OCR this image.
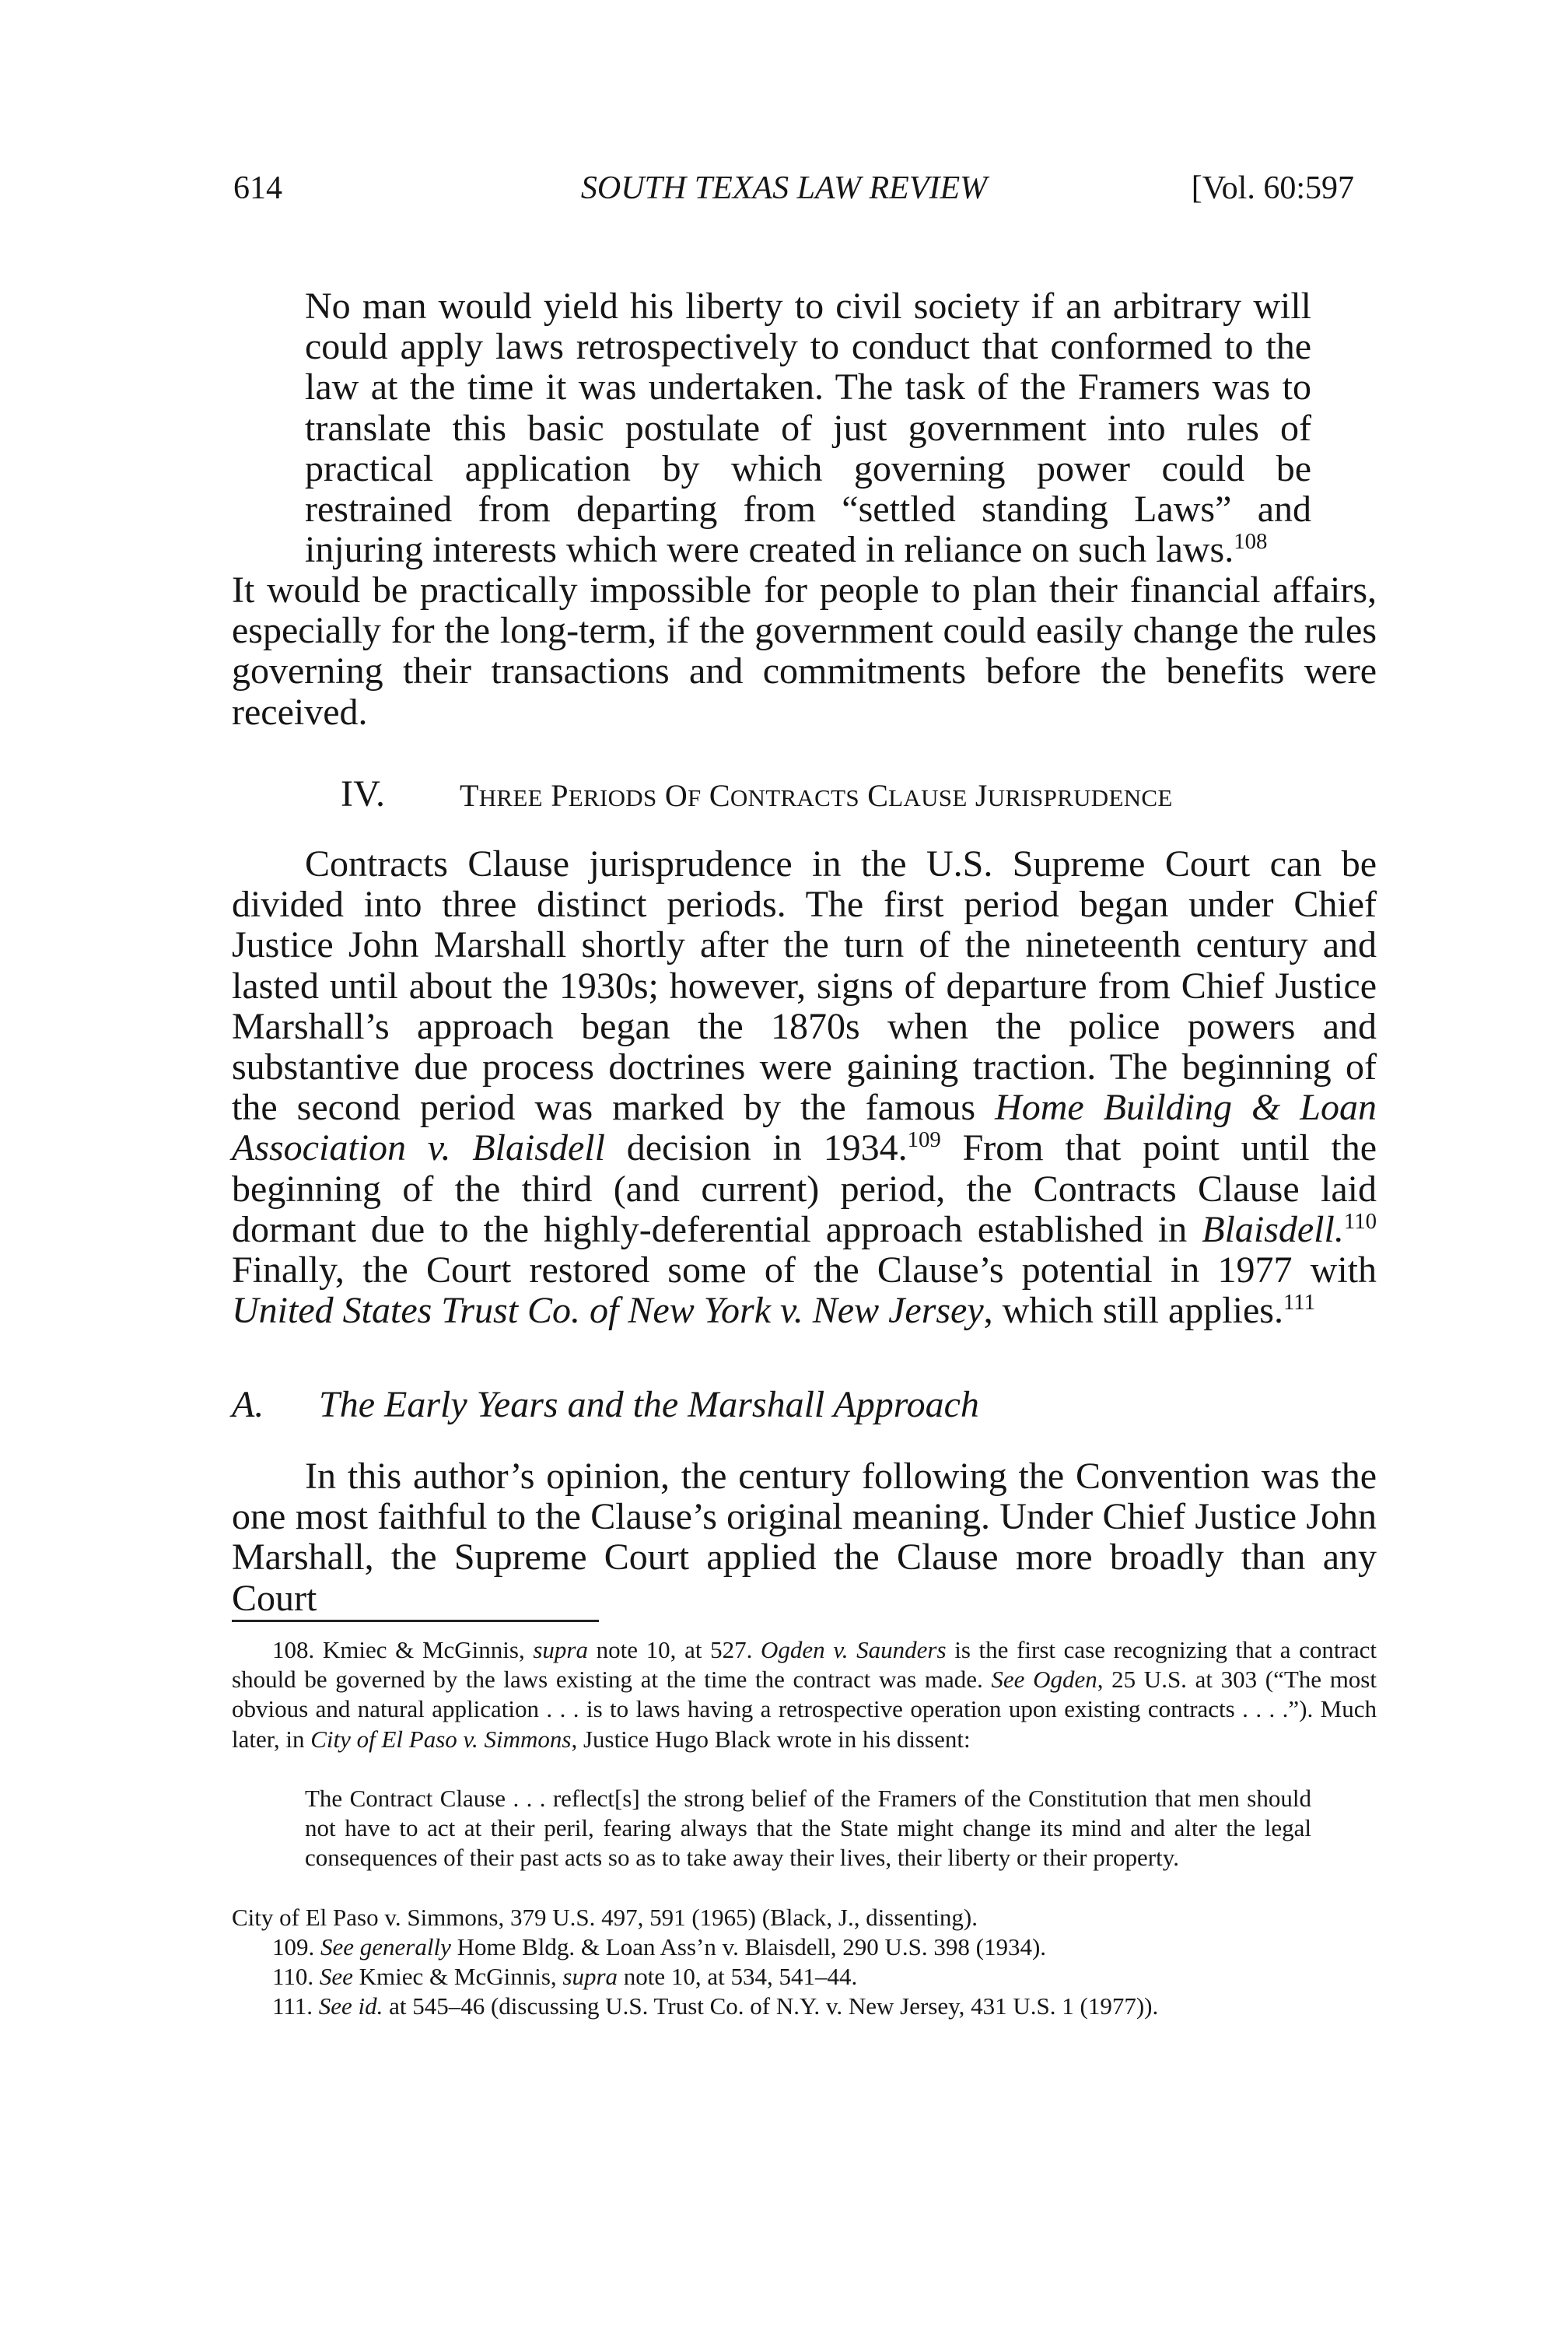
614	SOUTH TEXAS LAW REVIEW	[Vol. 60:597

No man would yield his liberty to civil society if an arbitrary will could apply laws retrospectively to conduct that conformed to the law at the time it was undertaken. The task of the Framers was to translate this basic postulate of just government into rules of practical application by which governing power could be restrained from departing from “settled standing Laws” and injuring interests which were created in reliance on such laws.$^{108}$

It would be practically impossible for people to plan their financial affairs, especially for the long-term, if the government could easily change the rules governing their transactions and commitments before the benefits were received.

IV. THREE PERIODS OF CONTRACTS CLAUSE JURISPRUDENCE

Contracts Clause jurisprudence in the U.S. Supreme Court can be divided into three distinct periods. The first period began under Chief Justice John Marshall shortly after the turn of the nineteenth century and lasted until about the 1930s; however, signs of departure from Chief Justice Marshall’s approach began the 1870s when the police powers and substantive due process doctrines were gaining traction. The beginning of the second period was marked by the famous Home Building & Loan Association v. Blaisdell decision in 1934.$^{109}$ From that point until the beginning of the third (and current) period, the Contracts Clause laid dormant due to the highly-deferential approach established in Blaisdell.$^{110}$ Finally, the Court restored some of the Clause’s potential in 1977 with United States Trust Co. of New York v. New Jersey, which still applies.$^{111}$

A. The Early Years and the Marshall Approach

In this author’s opinion, the century following the Convention was the one most faithful to the Clause’s original meaning. Under Chief Justice John Marshall, the Supreme Court applied the Clause more broadly than any Court

108. Kmiec & McGinnis, supra note 10, at 527. Ogden v. Saunders is the first case recognizing that a contract should be governed by the laws existing at the time the contract was made. See Ogden, 25 U.S. at 303 (“The most obvious and natural application . . . is to laws having a retrospective operation upon existing contracts . . . .”). Much later, in City of El Paso v. Simmons, Justice Hugo Black wrote in his dissent:

The Contract Clause . . . reflect[s] the strong belief of the Framers of the Constitution that men should not have to act at their peril, fearing always that the State might change its mind and alter the legal consequences of their past acts so as to take away their lives, their liberty or their property.

City of El Paso v. Simmons, 379 U.S. 497, 591 (1965) (Black, J., dissenting).

109. See generally Home Bldg. & Loan Ass’n v. Blaisdell, 290 U.S. 398 (1934).

110. See Kmiec & McGinnis, supra note 10, at 534, 541–44.

111. See id. at 545–46 (discussing U.S. Trust Co. of N.Y. v. New Jersey, 431 U.S. 1 (1977)).
